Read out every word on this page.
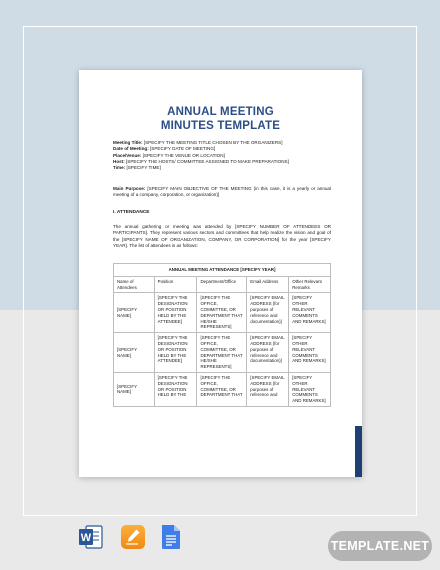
ANNUAL MEETING
MINUTES TEMPLATE
Meeting Title: [SPECIFY THE MEETING TITLE CHOSEN BY THE ORGANIZERS]
Date of Meeting: [SPECIFY DATE OF MEETING]
Place/Venue: [SPECIFY THE VENUE OR LOCATION]
Host: [SPECIFY THE HOSTS/ COMMITTEE ASSIGNED TO MAKE PREPARATIONS]
Time: [SPECIFY TIME]
Main Purpose: [SPECIFY MAIN OBJECTIVE OF THE MEETING (in this case, it is a yearly or annual meeting of a company, corporation, or organization)]
I. ATTENDANCE
The annual gathering or meeting was attended by [SPECIFY NUMBER OF ATTENDEES OR PARTICIPANTS]. They represent various sectors and committees that help realize the vision and goal of the [SPECIFY NAME OF ORGANIZATION, COMPANY, OR CORPORATION] for the year [SPECIFY YEAR]. The list of attendees is as follows:
ANNUAL MEETING ATTENDANCE [SPECIFY YEAR]				
Name of Attendees	Position	Department/Office	Email Address	Other Relevant Remarks
[SPECIFY NAME]	[SPECIFY THE DESIGNATION OR POSITION HELD BY THE ATTENDEE]	[SPECIFY THE OFFICE, COMMITTEE, OR DEPARTMENT THAT HE/SHE REPRESENTS]	[SPECIFY EMAIL ADDRESS (for purposes of reference and documentation)]	[SPECIFY OTHER RELEVANT COMMENTS AND REMARKS]
[SPECIFY NAME]	[SPECIFY THE DESIGNATION OR POSITION HELD BY THE ATTENDEE]	[SPECIFY THE OFFICE, COMMITTEE, OR DEPARTMENT THAT HE/SHE REPRESENTS]	[SPECIFY EMAIL ADDRESS (for purposes of reference and documentation)]	[SPECIFY OTHER RELEVANT COMMENTS AND REMARKS]
[SPECIFY NAME]	[SPECIFY THE DESIGNATION OR POSITION HELD BY THE	[SPECIFY THE OFFICE, COMMITTEE, OR DEPARTMENT THAT	[SPECIFY EMAIL ADDRESS (for purposes of reference and	[SPECIFY OTHER RELEVANT COMMENTS AND REMARKS]
W
TEMPLATE.NET
